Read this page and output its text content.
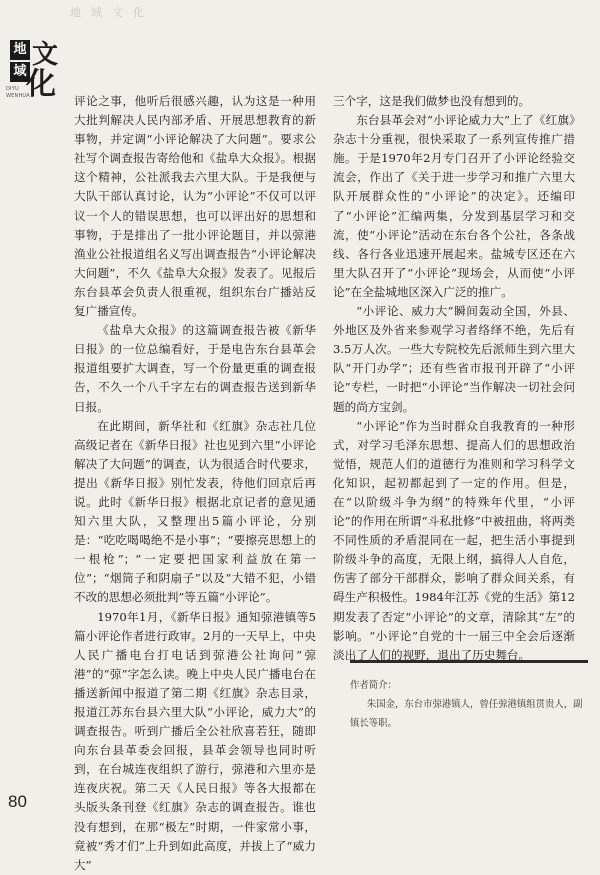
地域文化
地
域
文
化
DIYU
WENHUA	评论之事，他听后很感兴趣，认为这是一种用大批判解决人民内部矛盾、开展思想教育的新事物，并定调“小评论解决了大问题”。要求公社写个调查报告寄给他和《盐阜大众报》。根据这个精神，公社派我去六里大队。于是我便与大队干部认真讨论，认为“小评论”不仅可以评议一个人的错误思想，也可以评出好的思想和事物，于是排出了一批小评论题目，并以弶港渔业公社报道组名义写出调查报告“小评论解决大问题”，不久《盐阜大众报》发表了。见报后东台县革会负责人很重视，组织东台广播站反复广播宣传。

《盐阜大众报》的这篇调查报告被《新华日报》的一位总编看好，于是电告东台县革会报道组要扩大调查，写一个份量更重的调查报告，不久一个八千字左右的调查报告送到新华日报。

在此期间，新华社和《红旗》杂志社几位高级记者在《新华日报》社也见到六里“小评论解决了大问题”的调查，认为很适合时代要求，提出《新华日报》别忙发表，待他们回京后再说。此时《新华日报》根据北京记者的意见通知六里大队，又整理出5篇小评论，分别是：“吃吃喝喝绝不是小事”；“要擦亮思想上的一根枪”；“一定要把国家利益放在第一位”；“烟筒子和阴扇子”以及“大错不犯，小错不改的思想必须批判”等五篇“小评论”。

1970年1月，《新华日报》通知弶港镇等5篇小评论作者进行政审。2月的一天早上，中央人民广播电台打电话到弶港公社询问“弶港”的“弶”字怎么读。晚上中央人民广播电台在播送新闻中报道了第二期《红旗》杂志目录，报道江苏东台县六里大队“小评论，威力大”的调查报告。听到广播后全公社欣喜若狂，随即向东台县革委会回报，县革会领导也同时听到，在台城连夜组织了游行，弶港和六里亦是连夜庆祝。第二天《人民日报》等各大报都在头版头条刊登《红旗》杂志的调查报告。谁也没有想到，在那“极左”时期，一件家常小事，竟被“秀才们”上升到如此高度，并拔上了“威力大”

三个字，这是我们做梦也没有想到的。

东台县革会对“小评论威力大”上了《红旗》杂志十分重视，很快采取了一系列宣传推广措施。于是1970年2月专门召开了小评论经验交流会，作出了《关于进一步学习和推广六里大队开展群众性的“小评论”的决定》。还编印了“小评论”汇编两集，分发到基层学习和交流，使“小评论”活动在东台各个公社，各条战线、各行各业迅速开展起来。盐城专区还在六里大队召开了“小评论”现场会，从而使“小评论”在全盐城地区深入广泛的推广。

“小评论、威力大”瞬间轰动全国，外县、外地区及外省来参观学习者络绎不绝，先后有3.5万人次。一些大专院校先后派师生到六里大队“开门办学”；还有些省市报刊开辟了“小评论”专栏，一时把“小评论”当作解决一切社会问题的尚方宝剑。

“小评论”作为当时群众自我教育的一种形式，对学习毛泽东思想、提高人们的思想政治觉悟，规范人们的道德行为准则和学习科学文化知识，起初都起到了一定的作用。但是，在“以阶级斗争为纲”的特殊年代里，“小评论”的作用在所谓“斗私批修”中被扭曲，将两类不同性质的矛盾混同在一起，把生活小事提到阶级斗争的高度，无限上纲，搞得人人自危，伤害了部分干部群众，影响了群众间关系，有碍生产积极性。1984年江苏《党的生活》第12期发表了否定“小评论”的文章，清除其“左”的影响。“小评论”自党的十一届三中全会后逐渐淡出了人们的视野，退出了历史舞台。

作者简介：

朱国金，东台市弶港镇人，曾任弶港镇组贯贵人，副镇长等职。

80
